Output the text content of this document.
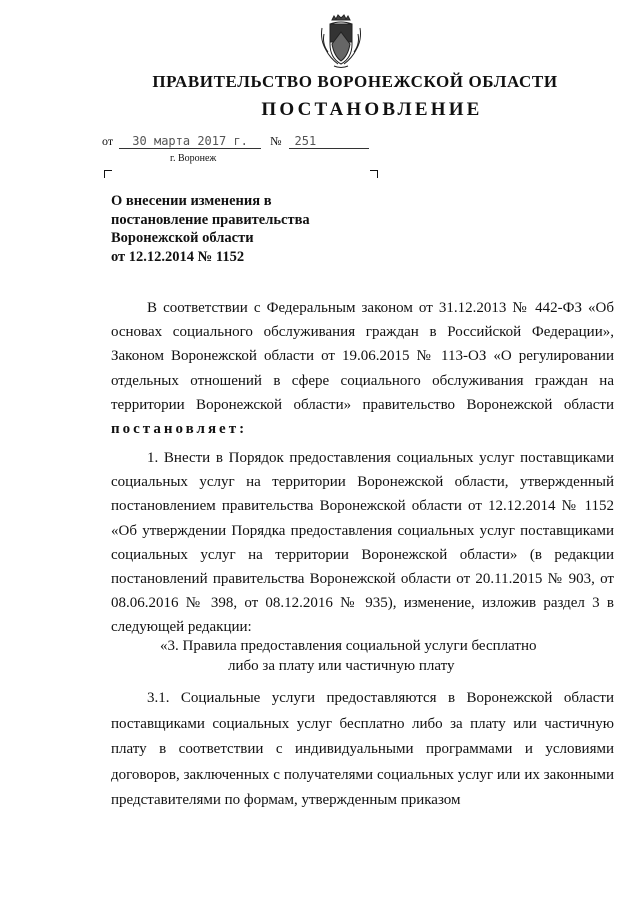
ПРАВИТЕЛЬСТВО ВОРОНЕЖСКОЙ ОБЛАСТИ
ПОСТАНОВЛЕНИЕ
от 30 марта 2017 г. № 251
г. Воронеж
О внесении изменения в
постановление правительства
Воронежской области
от 12.12.2014 № 1152
В соответствии с Федеральным законом от 31.12.2013 № 442-ФЗ «Об основах социального обслуживания граждан в Российской Федерации», Законом Воронежской области от 19.06.2015 № 113-ОЗ «О регулировании отдельных отношений в сфере социального обслуживания граждан на территории Воронежской области» правительство Воронежской области постановляет:
1. Внести в Порядок предоставления социальных услуг поставщиками социальных услуг на территории Воронежской области, утвержденный постановлением правительства Воронежской области от 12.12.2014 № 1152 «Об утверждении Порядка предоставления социальных услуг поставщиками социальных услуг на территории Воронежской области» (в редакции постановлений правительства Воронежской области от 20.11.2015 № 903, от 08.06.2016 № 398, от 08.12.2016 № 935), изменение, изложив раздел 3 в следующей редакции:
«3. Правила предоставления социальной услуги бесплатно
либо за плату или частичную плату
3.1. Социальные услуги предоставляются в Воронежской области поставщиками социальных услуг бесплатно либо за плату или частичную плату в соответствии с индивидуальными программами и условиями договоров, заключенных с получателями социальных услуг или их законными представителями по формам, утвержденным приказом
